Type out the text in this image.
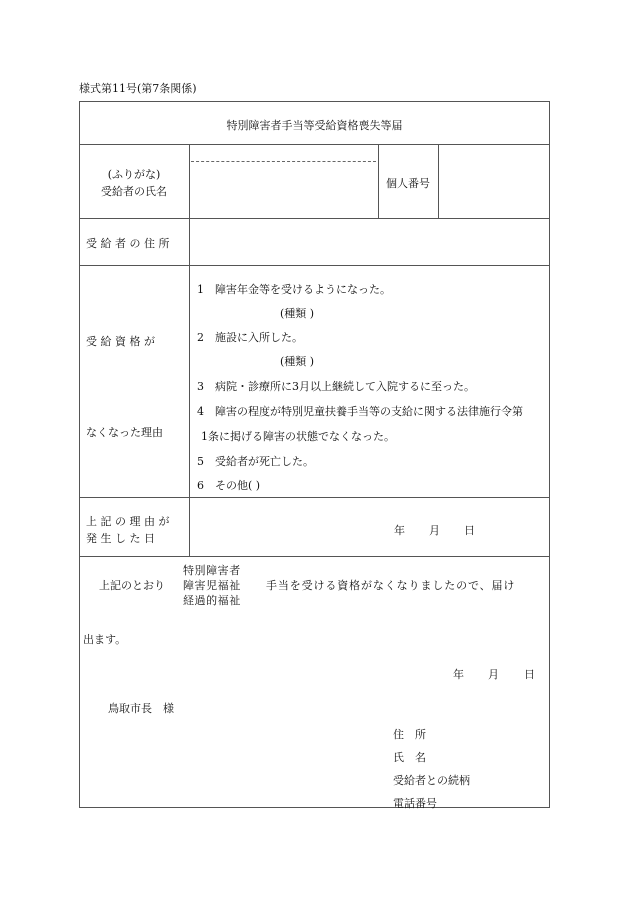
様式第11号(第7条関係)
特別障害者手当等受給資格喪失等届
(ふりがな)
受給者の氏名
個人番号
受 給 者 の 住 所
受 給 資 格 が
なくなった理由
1　 障害年金等を受けるようになった。
(種類 )
2　 施設に入所した。
(種類 )
3　 病院・診療所に3月以上継続して入院するに至った。
4　 障害の程度が特別児童扶養手当等の支給に関する法律施行令第
1条に掲げる障害の状態でなくなった。
5　 受給者が死亡した。
6　 その他( )
上 記 の 理 由 が
発 生 し た 日
年 月 日
上記のとおり
特別障害者
障害児福祉
経過的福祉
手当を受ける資格がなくなりましたので、届け
出ます。
年 月 日
鳥取市長　様
住　所
氏　名
受給者との続柄
電話番号
